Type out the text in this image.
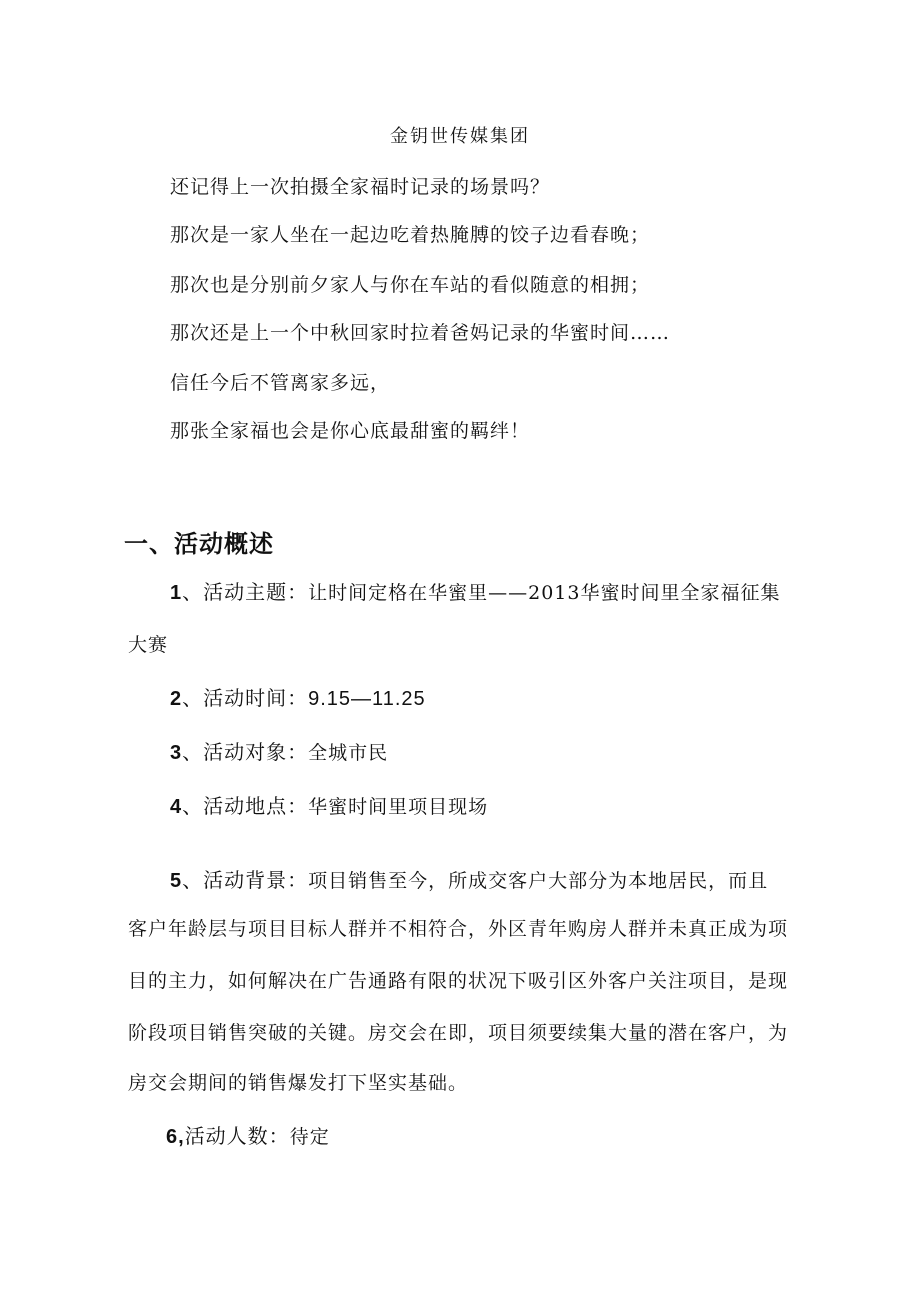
金钥世传媒集团
还记得上一次拍摄全家福时记录的场景吗？
那次是一家人坐在一起边吃着热腌膊的饺子边看春晚；
那次也是分别前夕家人与你在车站的看似随意的相拥；
那次还是上一个中秋回家时拉着爸妈记录的华蜜时间……
信任今后不管离家多远，
那张全家福也会是你心底最甜蜜的羁绊！
一、活动概述
1、活动主题：让时间定格在华蜜里——2013华蜜时间里全家福征集
大赛
2、活动时间：9.15—11.25
3、活动对象：全城市民
4、活动地点：华蜜时间里项目现场
5、活动背景：项目销售至今，所成交客户大部分为本地居民，而且
客户年龄层与项目目标人群并不相符合，外区青年购房人群并未真正成为项
目的主力，如何解决在广告通路有限的状况下吸引区外客户关注项目，是现
阶段项目销售突破的关键。房交会在即，项目须要续集大量的潜在客户，为
房交会期间的销售爆发打下坚实基础。
6,活动人数：待定
